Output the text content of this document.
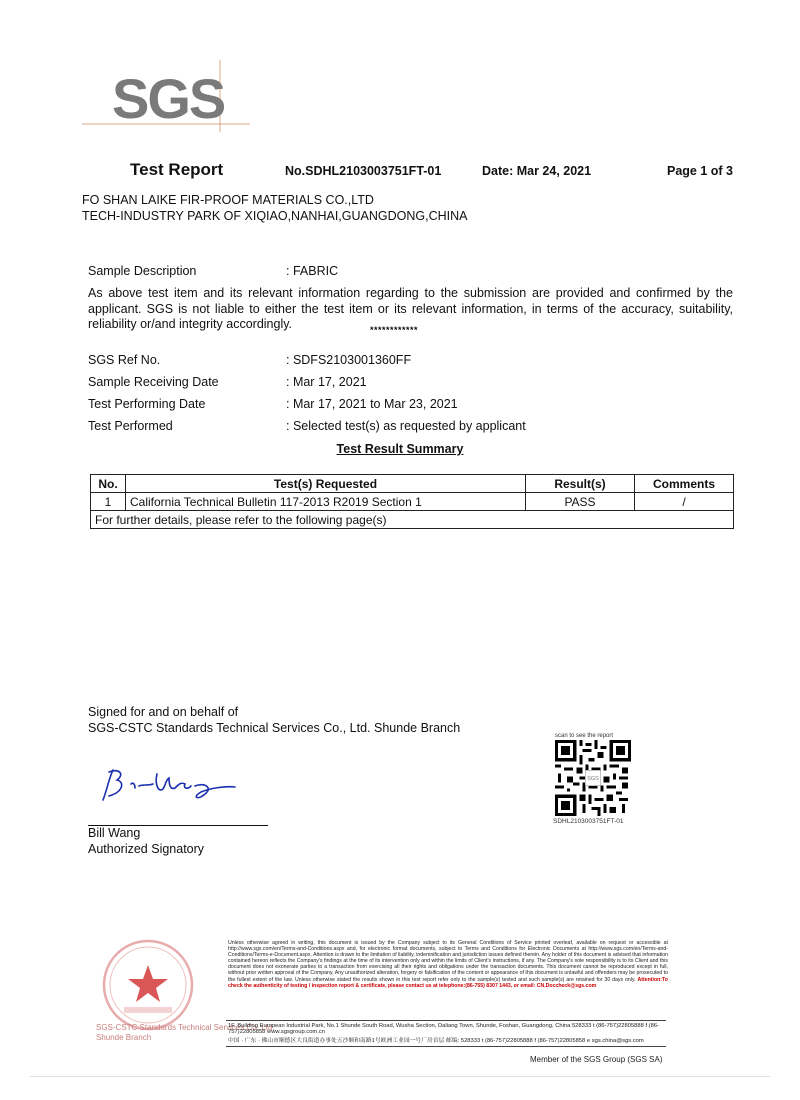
SGS
Test Report	No.SDHL2103003751FT-01	Date: Mar 24, 2021	Page 1 of 3
FO SHAN LAIKE FIR-PROOF MATERIALS CO.,LTD
TECH-INDUSTRY PARK OF XIQIAO,NANHAI,GUANGDONG,CHINA
Sample Description	: FABRIC
As above test item and its relevant information regarding to the submission are provided and confirmed by the applicant. SGS is not liable to either the test item or its relevant information, in terms of the accuracy, suitability, reliability or/and integrity accordingly.	************
SGS Ref No.	: SDFS2103001360FF
Sample Receiving Date	: Mar 17, 2021
Test Performing Date	: Mar 17, 2021 to Mar 23, 2021
Test Performed	: Selected test(s) as requested by applicant
Test Result Summary
No.	Test(s) Requested	Result(s)	Comments
1	California Technical Bulletin 117-2013 R2019 Section 1	PASS	/
For further details, please refer to the following page(s)			
Signed for and on behalf of
SGS-CSTC Standards Technical Services Co., Ltd. Shunde Branch
Bill Wang
Authorized Signatory
scan to see the report
SGS
SDHL2103003751FT-01
SGS-CSTC Standards Technical Services Co.,Ltd.
Shunde Branch
Unless otherwise agreed in writing, this document is issued by the Company subject to its General Conditions of Service printed overleaf, available on request or accessible at http://www.sgs.com/en/Terms-and-Conditions.aspx and, for electronic format documents, subject to Terms and Conditions for Electronic Documents at http://www.sgs.com/en/Terms-and-Conditions/Terms-e-Document.aspx. Attention is drawn to the limitation of liability, indemnification and jurisdiction issues defined therein. Any holder of this document is advised that information contained hereon reflects the Company's findings at the time of its intervention only and within the limits of Client's instructions, if any. The Company's sole responsibility is to its Client and this document does not exonerate parties to a transaction from exercising all their rights and obligations under the transaction documents. This document cannot be reproduced except in full, without prior written approval of the Company. Any unauthorized alteration, forgery or falsification of the content or appearance of this document is unlawful and offenders may be prosecuted to the fullest extent of the law. Unless otherwise stated the results shown in this test report refer only to the sample(s) tested and such sample(s) are retained for 30 days only. Attention:To check the authenticity of testing / inspection report & certificate, please contact us at telephone:(86-755) 8307 1443, or email: CN.Doccheck@sgs.com
1F, Building European Industrial Park, No.1 Shunde South Road, Wusha Section, Daliang Town, Shunde, Foshan, Guangdong, China 528333 t (86-757)22805888 f (86-757)22805858 www.sgsgroup.com.cn
中国 · 广东 · 佛山市顺德区大良街道办事处五沙顺和南路1号欧洲工业园一号厂房首层 邮编: 528333 t (86-757)22805888 f (86-757)22805858 e sgs.china@sgs.com
Member of the SGS Group (SGS SA)
